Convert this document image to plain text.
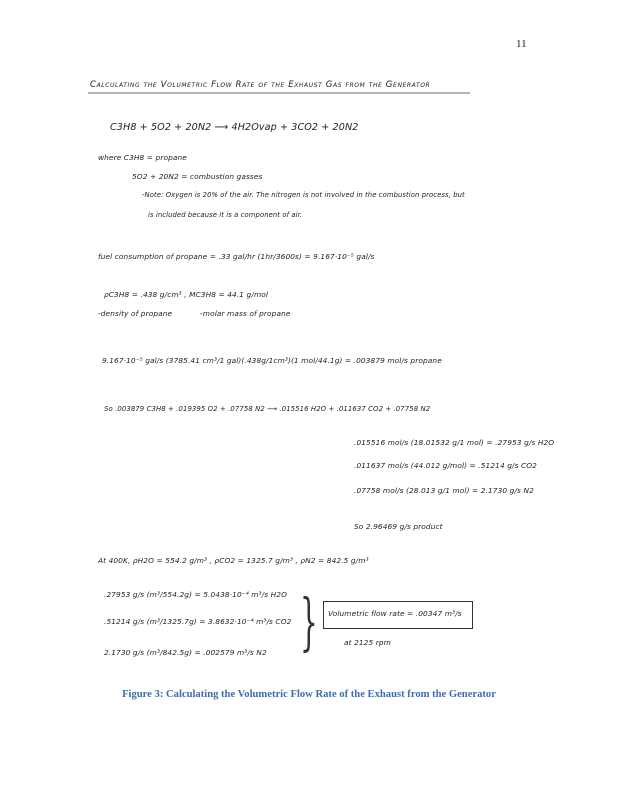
11
Calculating the Volumetric Flow Rate of the Exhaust Gas from the Generator
C3H8 + 5O2 + 20N2 ⟶ 4H2Ovap + 3CO2 + 20N2
where C3H8 = propane
5O2 + 20N2 = combustion gasses
-Note: Oxygen is 20% of the air. The nitrogen is not involved in the combustion process, but
is included because it is a component of air.
fuel consumption of propane = .33 gal/hr (1hr/3600s) = 9.167·10⁻⁵ gal/s
ρC3H8 = .438 g/cm³ , MC3H8 = 44.1 g/mol
-density of propane	-molar mass of propane
9.167·10⁻⁵ gal/s (3785.41 cm³/1 gal)(.438g/1cm³)(1 mol/44.1g) = .003879 mol/s propane
So .003879 C3H8 + .019395 O2 + .07758 N2 ⟶ .015516 H2O + .011637 CO2 + .07758 N2
.015516 mol/s (18.01532 g/1 mol) = .27953 g/s H2O
.011637 mol/s (44.012 g/mol) = .51214 g/s CO2
.07758 mol/s (28.013 g/1 mol) = 2.1730 g/s N2
So 2.96469 g/s product
At 400K, ρH2O = 554.2 g/m³ , ρCO2 = 1325.7 g/m³ , ρN2 = 842.5 g/m³
.27953 g/s (m³/554.2g) = 5.0438·10⁻⁴ m³/s H2O
.51214 g/s (m³/1325.7g) = 3.8632·10⁻⁴ m³/s CO2
2.1730 g/s (m³/842.5g) = .002579 m³/s N2 } Volumetric flow rate = .00347 m³/s
at 2125 rpm
Figure 3: Calculating the Volumetric Flow Rate of the Exhaust from the Generator
